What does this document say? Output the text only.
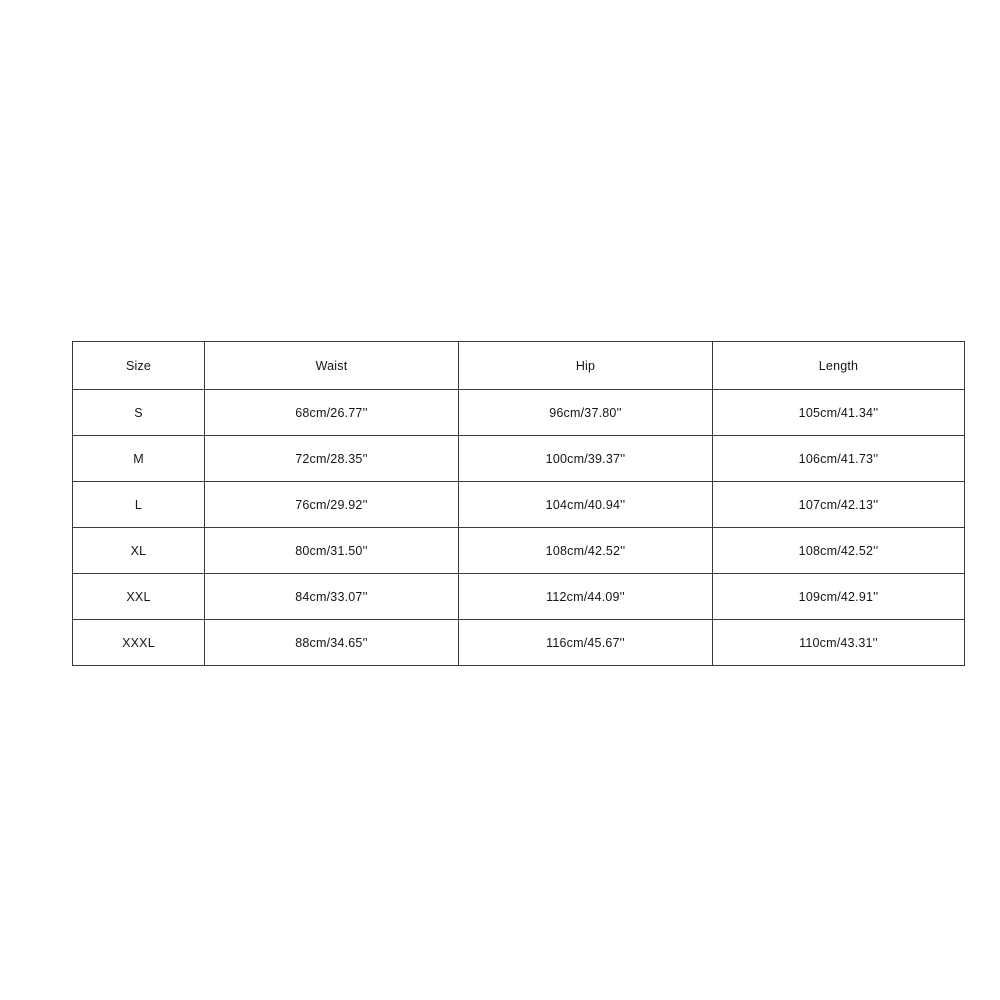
Size	Waist	Hip	Length
S	68cm/26.77''	96cm/37.80''	105cm/41.34''
M	72cm/28.35''	100cm/39.37''	106cm/41.73''
L	76cm/29.92''	104cm/40.94''	107cm/42.13''
XL	80cm/31.50''	108cm/42.52''	108cm/42.52''
XXL	84cm/33.07''	112cm/44.09''	109cm/42.91''
XXXL	88cm/34.65''	116cm/45.67''	110cm/43.31''
